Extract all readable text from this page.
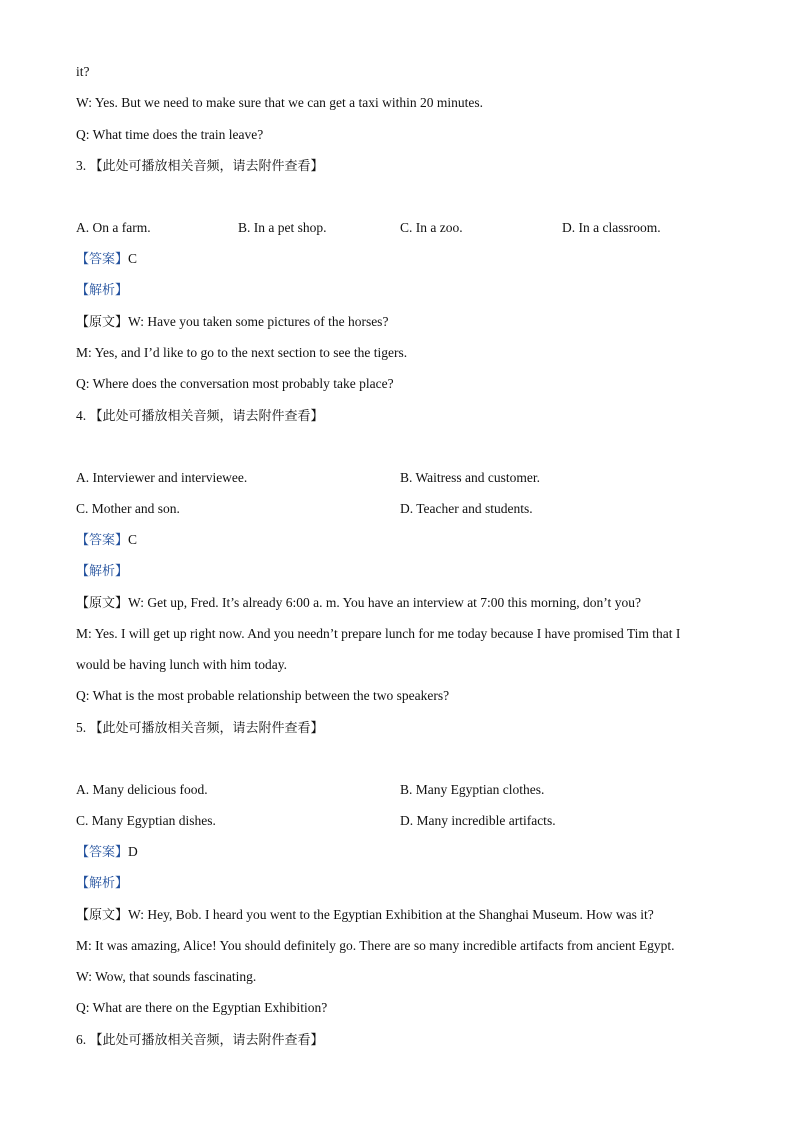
it?
W: Yes. But we need to make sure that we can get a taxi within 20 minutes.
Q: What time does the train leave?
3. 【此处可播放相关音频，请去附件查看】
A. On a farm.	B. In a pet shop.	C. In a zoo.	D. In a classroom.
【答案】C
【解析】
【原文】W: Have you taken some pictures of the horses?
M: Yes, and I’d like to go to the next section to see the tigers.
Q: Where does the conversation most probably take place?
4. 【此处可播放相关音频，请去附件查看】
A. Interviewer and interviewee.	B. Waitress and customer.
C. Mother and son.	D. Teacher and students.
【答案】C
【解析】
【原文】W: Get up, Fred. It’s already 6:00 a. m. You have an interview at 7:00 this morning, don’t you?
M: Yes. I will get up right now. And you needn’t prepare lunch for me today because I have promised Tim that I
would be having lunch with him today.
Q: What is the most probable relationship between the two speakers?
5. 【此处可播放相关音频，请去附件查看】
A. Many delicious food.	B. Many Egyptian clothes.
C. Many Egyptian dishes.	D. Many incredible artifacts.
【答案】D
【解析】
【原文】W: Hey, Bob. I heard you went to the Egyptian Exhibition at the Shanghai Museum. How was it?
M: It was amazing, Alice! You should definitely go. There are so many incredible artifacts from ancient Egypt.
W: Wow, that sounds fascinating.
Q: What are there on the Egyptian Exhibition?
6. 【此处可播放相关音频，请去附件查看】
